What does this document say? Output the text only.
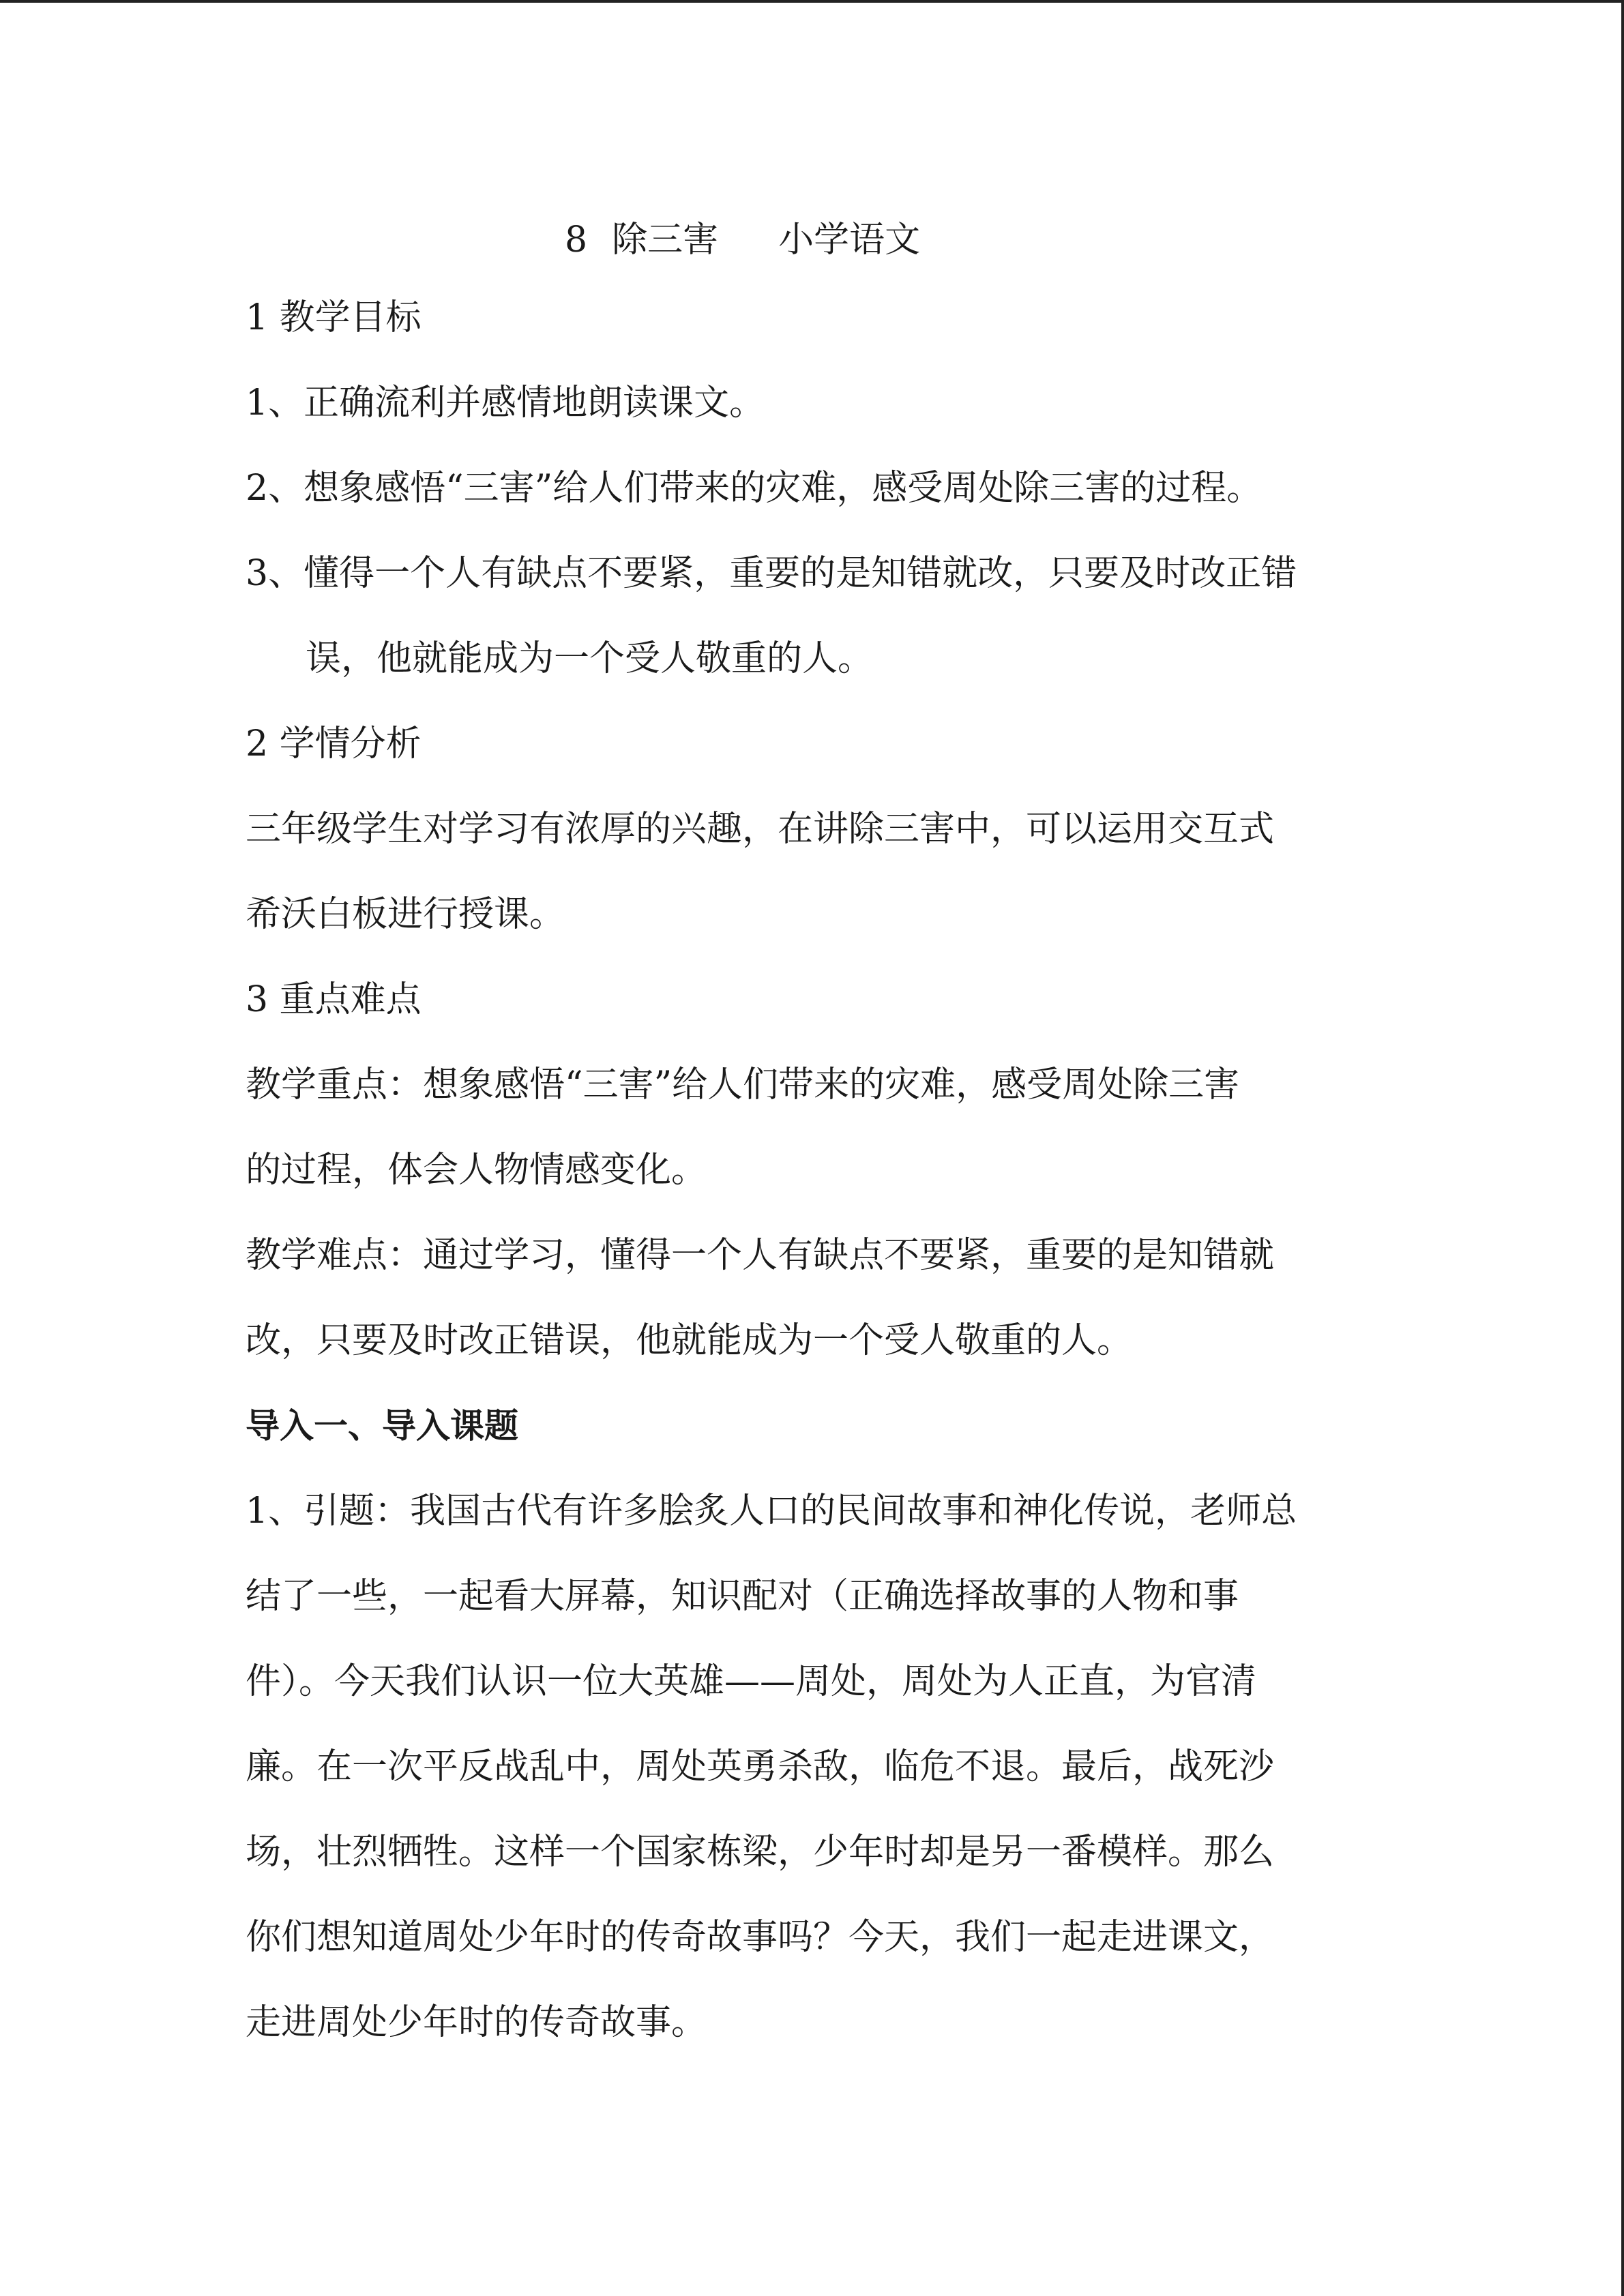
8 除三害 小学语文
1 教学目标
1、正确流利并感情地朗读课文。
2、想象感悟“三害”给人们带来的灾难，感受周处除三害的过程。
3、懂得一个人有缺点不要紧，重要的是知错就改，只要及时改正错
误，他就能成为一个受人敬重的人。
2 学情分析
三年级学生对学习有浓厚的兴趣，在讲除三害中，可以运用交互式
希沃白板进行授课。
3 重点难点
教学重点：想象感悟“三害”给人们带来的灾难，感受周处除三害
的过程，体会人物情感变化。
教学难点：通过学习，懂得一个人有缺点不要紧，重要的是知错就
改，只要及时改正错误，他就能成为一个受人敬重的人。
导入一、导入课题
1、引题：我国古代有许多脍炙人口的民间故事和神化传说，老师总
结了一些，一起看大屏幕，知识配对（正确选择故事的人物和事
件）。今天我们认识一位大英雄——周处，周处为人正直，为官清
廉。在一次平反战乱中，周处英勇杀敌，临危不退。最后，战死沙
场，壮烈牺牲。这样一个国家栋梁，少年时却是另一番模样。那么
你们想知道周处少年时的传奇故事吗？今天，我们一起走进课文，
走进周处少年时的传奇故事。
